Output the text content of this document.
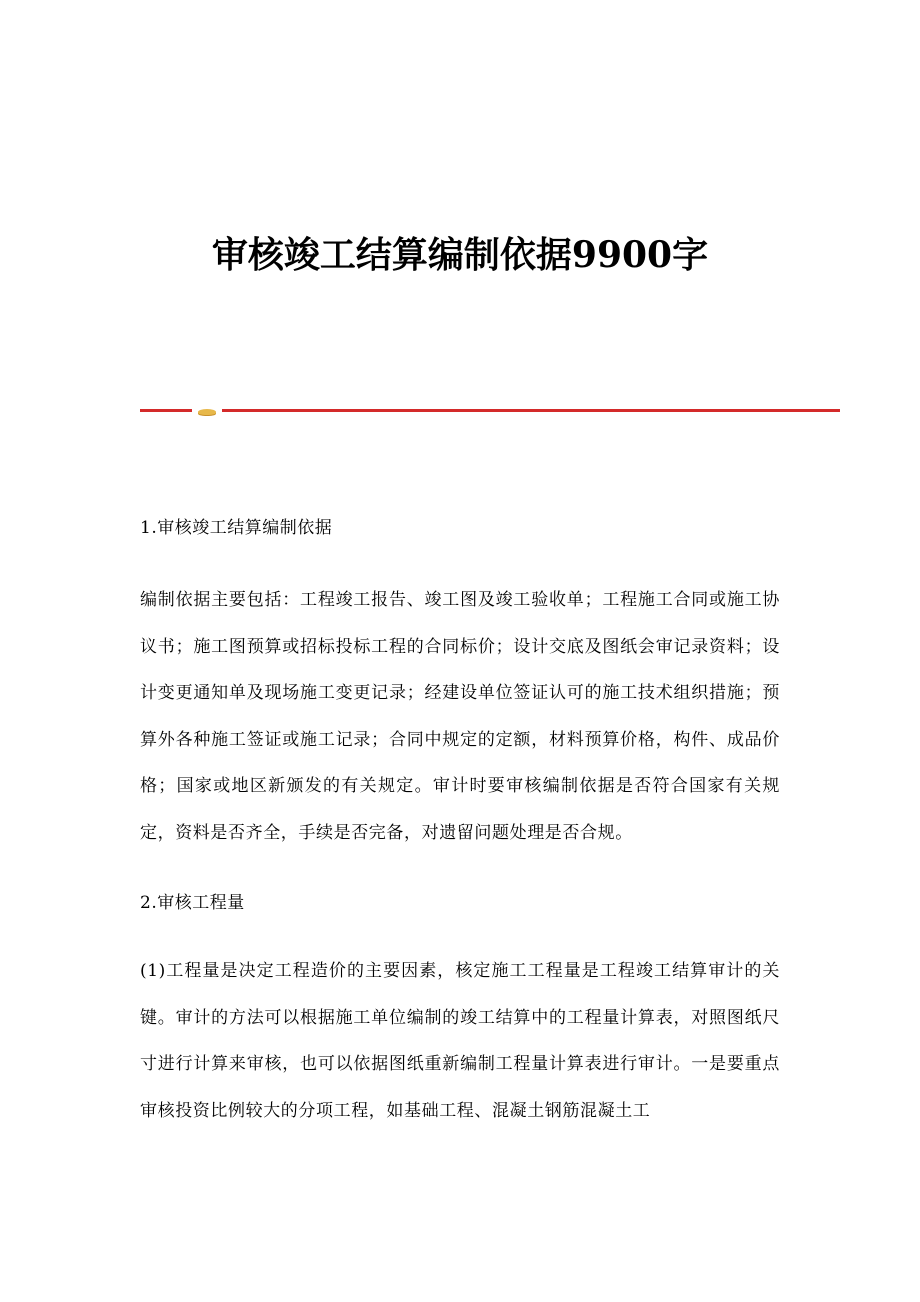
审核竣工结算编制依据9900字

1.审核竣工结算编制依据

编制依据主要包括：工程竣工报告、竣工图及竣工验收单；工程施工合同或施工协议书；施工图预算或招标投标工程的合同标价；设计交底及图纸会审记录资料；设计变更通知单及现场施工变更记录；经建设单位签证认可的施工技术组织措施；预算外各种施工签证或施工记录；合同中规定的定额，材料预算价格，构件、成品价格；国家或地区新颁发的有关规定。审计时要审核编制依据是否符合国家有关规定，资料是否齐全，手续是否完备，对遗留问题处理是否合规。

2.审核工程量

(1)工程量是决定工程造价的主要因素，核定施工工程量是工程竣工结算审计的关键。审计的方法可以根据施工单位编制的竣工结算中的工程量计算表，对照图纸尺寸进行计算来审核，也可以依据图纸重新编制工程量计算表进行审计。一是要重点审核投资比例较大的分项工程，如基础工程、混凝土钢筋混凝土工
